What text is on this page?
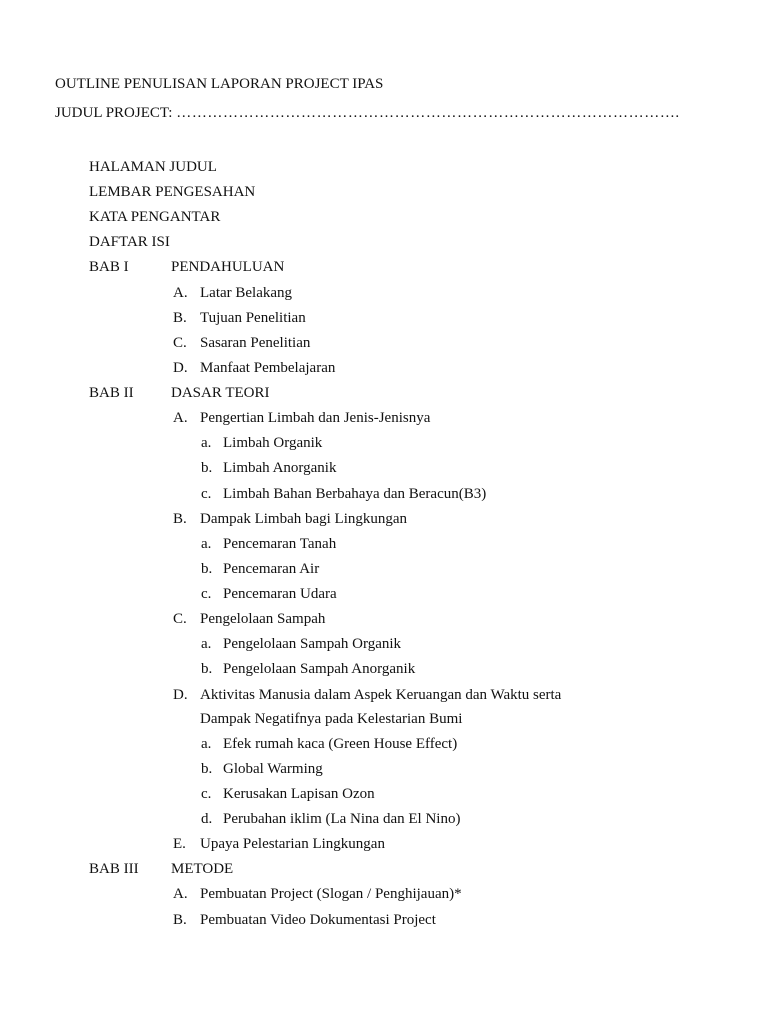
OUTLINE PENULISAN LAPORAN PROJECT IPAS
JUDUL PROJECT: …………………………………………………………………………………….
HALAMAN JUDUL
LEMBAR PENGESAHAN
KATA PENGANTAR
DAFTAR ISI
BAB I	PENDAHULUAN
A. Latar Belakang
B. Tujuan Penelitian
C. Sasaran Penelitian
D. Manfaat Pembelajaran
BAB II DASAR TEORI
A. Pengertian Limbah dan Jenis-Jenisnya
a. Limbah Organik
b. Limbah Anorganik
c. Limbah Bahan Berbahaya dan Beracun(B3)
B. Dampak Limbah bagi Lingkungan
a. Pencemaran Tanah
b. Pencemaran Air
c. Pencemaran Udara
C. Pengelolaan Sampah
a. Pengelolaan Sampah Organik
b. Pengelolaan Sampah Anorganik
D. Aktivitas Manusia dalam Aspek Keruangan dan Waktu serta
Dampak Negatifnya pada Kelestarian Bumi
a. Efek rumah kaca (Green House Effect)
b. Global Warming
c. Kerusakan Lapisan Ozon
d. Perubahan iklim (La Nina dan El Nino)
E. Upaya Pelestarian Lingkungan
BAB III METODE
A. Pembuatan Project (Slogan / Penghijauan)*
B. Pembuatan Video Dokumentasi Project
